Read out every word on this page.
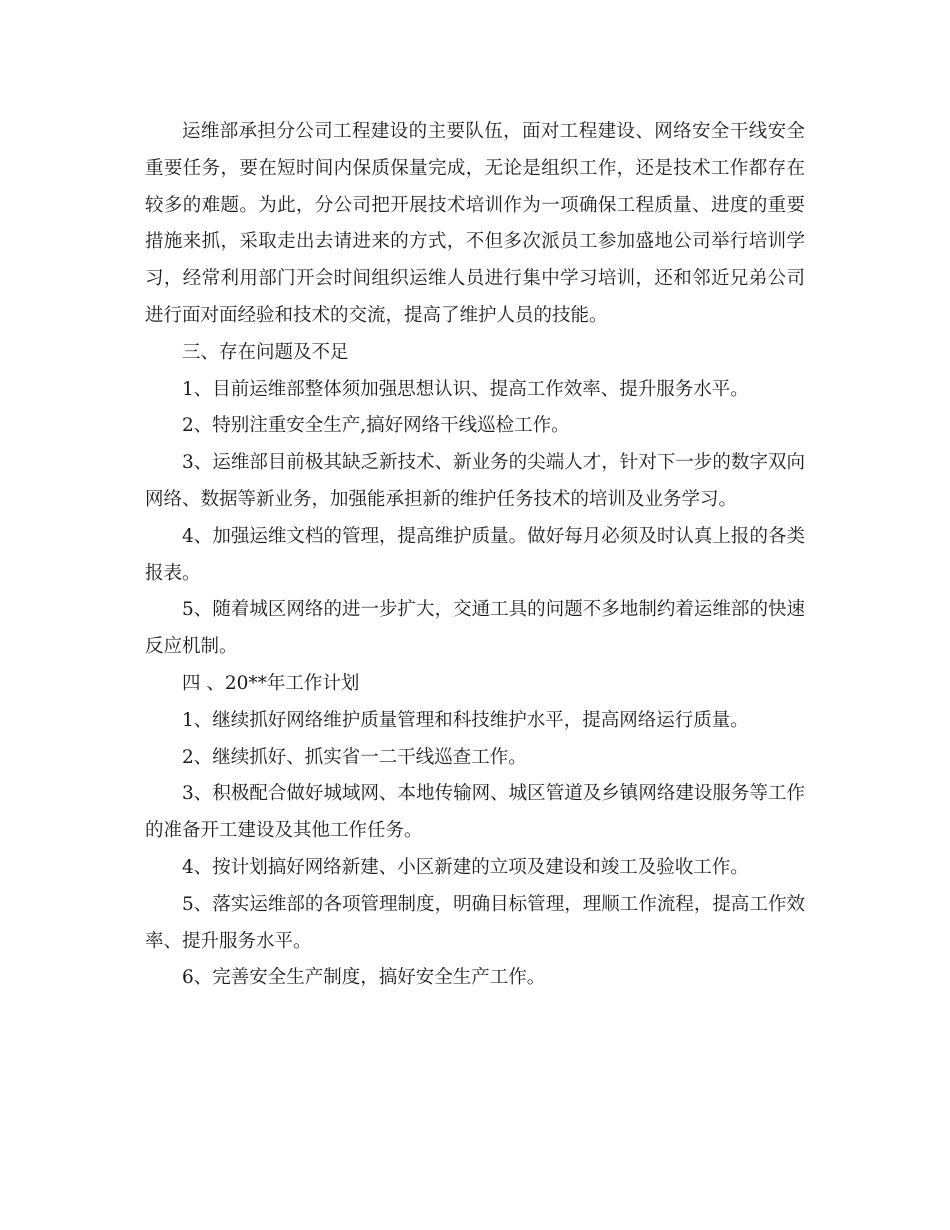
运维部承担分公司工程建设的主要队伍，面对工程建设、网络安全干线安全重要任务，要在短时间内保质保量完成，无论是组织工作，还是技术工作都存在较多的难题。为此，分公司把开展技术培训作为一项确保工程质量、进度的重要措施来抓，采取走出去请进来的方式，不但多次派员工参加盛地公司举行培训学习，经常利用部门开会时间组织运维人员进行集中学习培训，还和邻近兄弟公司进行面对面经验和技术的交流，提高了维护人员的技能。

三、存在问题及不足

1、目前运维部整体须加强思想认识、提高工作效率、提升服务水平。

2、特别注重安全生产,搞好网络干线巡检工作。

3、运维部目前极其缺乏新技术、新业务的尖端人才，针对下一步的数字双向网络、数据等新业务，加强能承担新的维护任务技术的培训及业务学习。

4、加强运维文档的管理，提高维护质量。做好每月必须及时认真上报的各类报表。

5、随着城区网络的进一步扩大，交通工具的问题不多地制约着运维部的快速反应机制。

四 、20**年工作计划

1、继续抓好网络维护质量管理和科技维护水平，提高网络运行质量。

2、继续抓好、抓实省一二干线巡查工作。

3、积极配合做好城域网、本地传输网、城区管道及乡镇网络建设服务等工作的准备开工建设及其他工作任务。

4、按计划搞好网络新建、小区新建的立项及建设和竣工及验收工作。

5、落实运维部的各项管理制度，明确目标管理，理顺工作流程，提高工作效率、提升服务水平。

6、完善安全生产制度，搞好安全生产工作。
